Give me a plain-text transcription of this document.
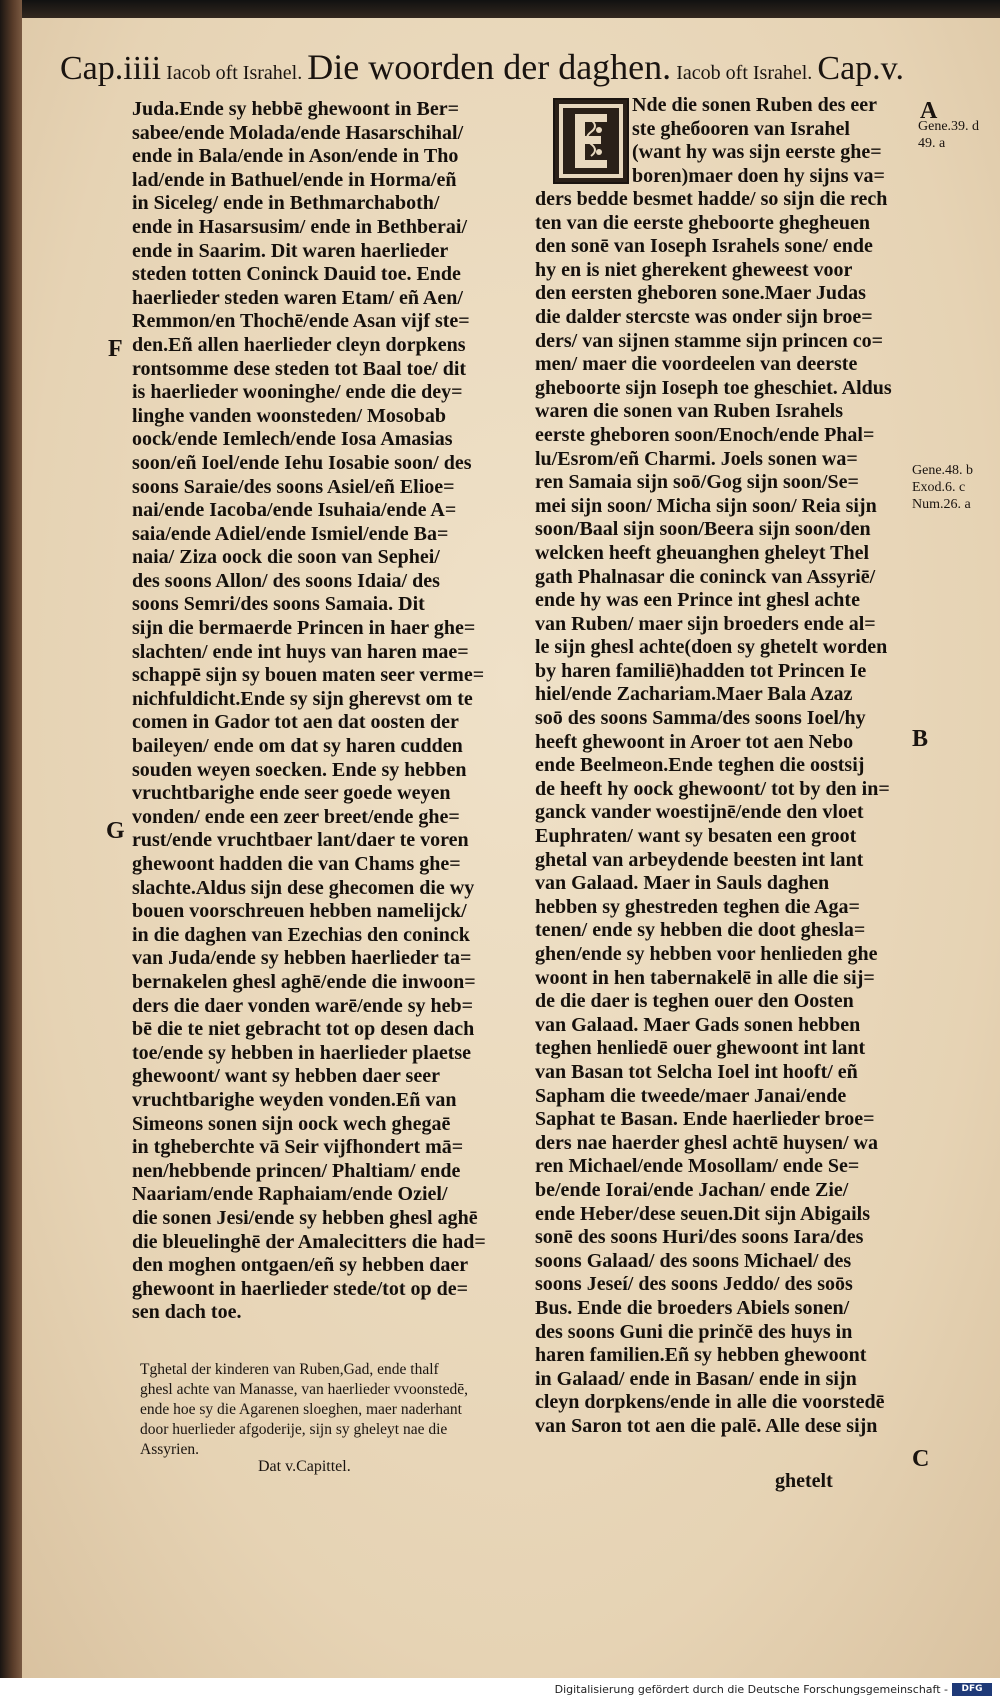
Cap.iiii Iacob oft Israhel. Die woorden der daghen. Iacob oft Israhel. Cap.v.
Juda.Ende sy hebbē ghewoont in Ber=
sabee/ende Molada/ende Hasarschihal/
ende in Bala/ende in Ason/ende in Tho
lad/ende in Bathuel/ende in Horma/eñ
in Siceleg/ ende in Bethmarchaboth/
ende in Hasarsusim/ ende in Bethberai/
ende in Saarim. Dit waren haerlieder
steden totten Coninck Dauid toe. Ende
haerlieder steden waren Etam/ eñ Aen/
Remmon/en Thochē/ende Asan vijf ste=
den.Eñ allen haerlieder cleyn dorpkens
rontsomme dese steden tot Baal toe/ dit
is haerlieder wooninghe/ ende die dey=
linghe vanden woonsteden/ Mosobab
oock/ende Iemlech/ende Iosa Amasias
soon/eñ Ioel/ende Iehu Iosabie soon/ des
soons Saraie/des soons Asiel/eñ Elioe=
nai/ende Iacoba/ende Isuhaia/ende A=
saia/ende Adiel/ende Ismiel/ende Ba=
naia/ Ziza oock die soon van Sephei/
des soons Allon/ des soons Idaia/ des
soons Semri/des soons Samaia. Dit
sijn die bermaerde Princen in haer ghe=
slachten/ ende int huys van haren mae=
schappē sijn sy bouen maten seer verme=
nichfuldicht.Ende sy sijn gherevst om te
comen in Gador tot aen dat oosten der
baileyen/ ende om dat sy haren cudden
souden weyen soecken. Ende sy hebben
vruchtbarighe ende seer goede weyen
vonden/ ende een zeer breet/ende ghe=
rust/ende vruchtbaer lant/daer te voren
ghewoont hadden die van Chams ghe=
slachte.Aldus sijn dese ghecomen die wy
bouen voorschreuen hebben namelijck/
in die daghen van Ezechias den coninck
van Juda/ende sy hebben haerlieder ta=
bernakelen ghesl aghē/ende die inwoon=
ders die daer vonden warē/ende sy heb=
bē die te niet gebracht tot op desen dach
toe/ende sy hebben in haerlieder plaetse
ghewoont/ want sy hebben daer seer
vruchtbarighe weyden vonden.Eñ van
Simeons sonen sijn oock wech ghegaē
in tgheberchte vā Seir vijfhondert mā=
nen/hebbende princen/ Phaltiam/ ende
Naariam/ende Raphaiam/ende Oziel/
die sonen Jesi/ende sy hebben ghesl aghē
die bleuelinghē der Amalecitters die had=
den moghen ontgaen/eñ sy hebben daer
ghewoont in haerlieder stede/tot op de=
sen dach toe.
Tghetal der kinderen van Ruben,Gad, ende thalf
ghesl achte van Manasse, van haerlieder vvoonstedē,
ende hoe sy die Agarenen sloeghen, maer naderhant
door huerlieder afgoderije, sijn sy gheleyt nae die
Assyrien.
Dat v.Capittel.
Nde die sonen Ruben des eer
ste gheбooren van Israhel
(want hy was sijn eerste ghe=
boren)maer doen hy sijns va=
ders bedde besmet hadde/ so sijn die rech
ten van die eerste gheboorte ghegheuen
den sonē van Ioseph Israhels sone/ ende
hy en is niet gherekent gheweest voor
den eersten gheboren sone.Maer Judas
die dalder stercste was onder sijn broe=
ders/ van sijnen stamme sijn princen co=
men/ maer die voordeelen van deerste
gheboorte sijn Ioseph toe gheschiet. Aldus
waren die sonen van Ruben Israhels
eerste gheboren soon/Enoch/ende Phal=
lu/Esrom/eñ Charmi. Joels sonen wa=
ren Samaia sijn soō/Gog sijn soon/Se=
mei sijn soon/ Micha sijn soon/ Reia sijn
soon/Baal sijn soon/Beera sijn soon/den
welcken heeft gheuanghen gheleyt Thel
gath Phalnasar die coninck van Assyriē/
ende hy was een Prince int ghesl achte
van Ruben/ maer sijn broeders ende al=
le sijn ghesl achte(doen sy ghetelt worden
by haren familiē)hadden tot Princen Ie
hiel/ende Zachariam.Maer Bala Azaz
soō des soons Samma/des soons Ioel/hy
heeft ghewoont in Aroer tot aen Nebo
ende Beelmeon.Ende teghen die oostsij
de heeft hy oock ghewoont/ tot by den in=
ganck vander woestijnē/ende den vloet
Euphraten/ want sy besaten een groot
ghetal van arbeydende beesten int lant
van Galaad. Maer in Sauls daghen
hebben sy ghestreden teghen die Aga=
tenen/ ende sy hebben die doot ghesla=
ghen/ende sy hebben voor henlieden ghe
woont in hen tabernakelē in alle die sij=
de die daer is teghen ouer den Oosten
van Galaad. Maer Gads sonen hebben
teghen henliedē ouer ghewoont int lant
van Basan tot Selcha Ioel int hooft/ eñ
Sapham die tweede/maer Janai/ende
Saphat te Basan. Ende haerlieder broe=
ders nae haerder ghesl achtē huysen/ wa
ren Michael/ende Mosollam/ ende Se=
be/ende Iorai/ende Jachan/ ende Zie/
ende Heber/dese seuen.Dit sijn Abigails
sonē des soons Huri/des soons Iara/des
soons Galaad/ des soons Michael/ des
soons Jeseí/ des soons Jeddo/ des soōs
Bus. Ende die broeders Abiels sonen/
des soons Guni die prinčē des huys in
haren familien.Eñ sy hebben ghewoont
in Galaad/ ende in Basan/ ende in sijn
cleyn dorpkens/ende in alle die voorstedē
van Saron tot aen die palē. Alle dese sijn
ghetelt
F
G
A
B
C
Gene.39. d
49. a
Gene.48. b
Exod.6. c
Num.26. a
Digitalisierung gefördert durch die Deutsche Forschungsgemeinschaft -	DFG
